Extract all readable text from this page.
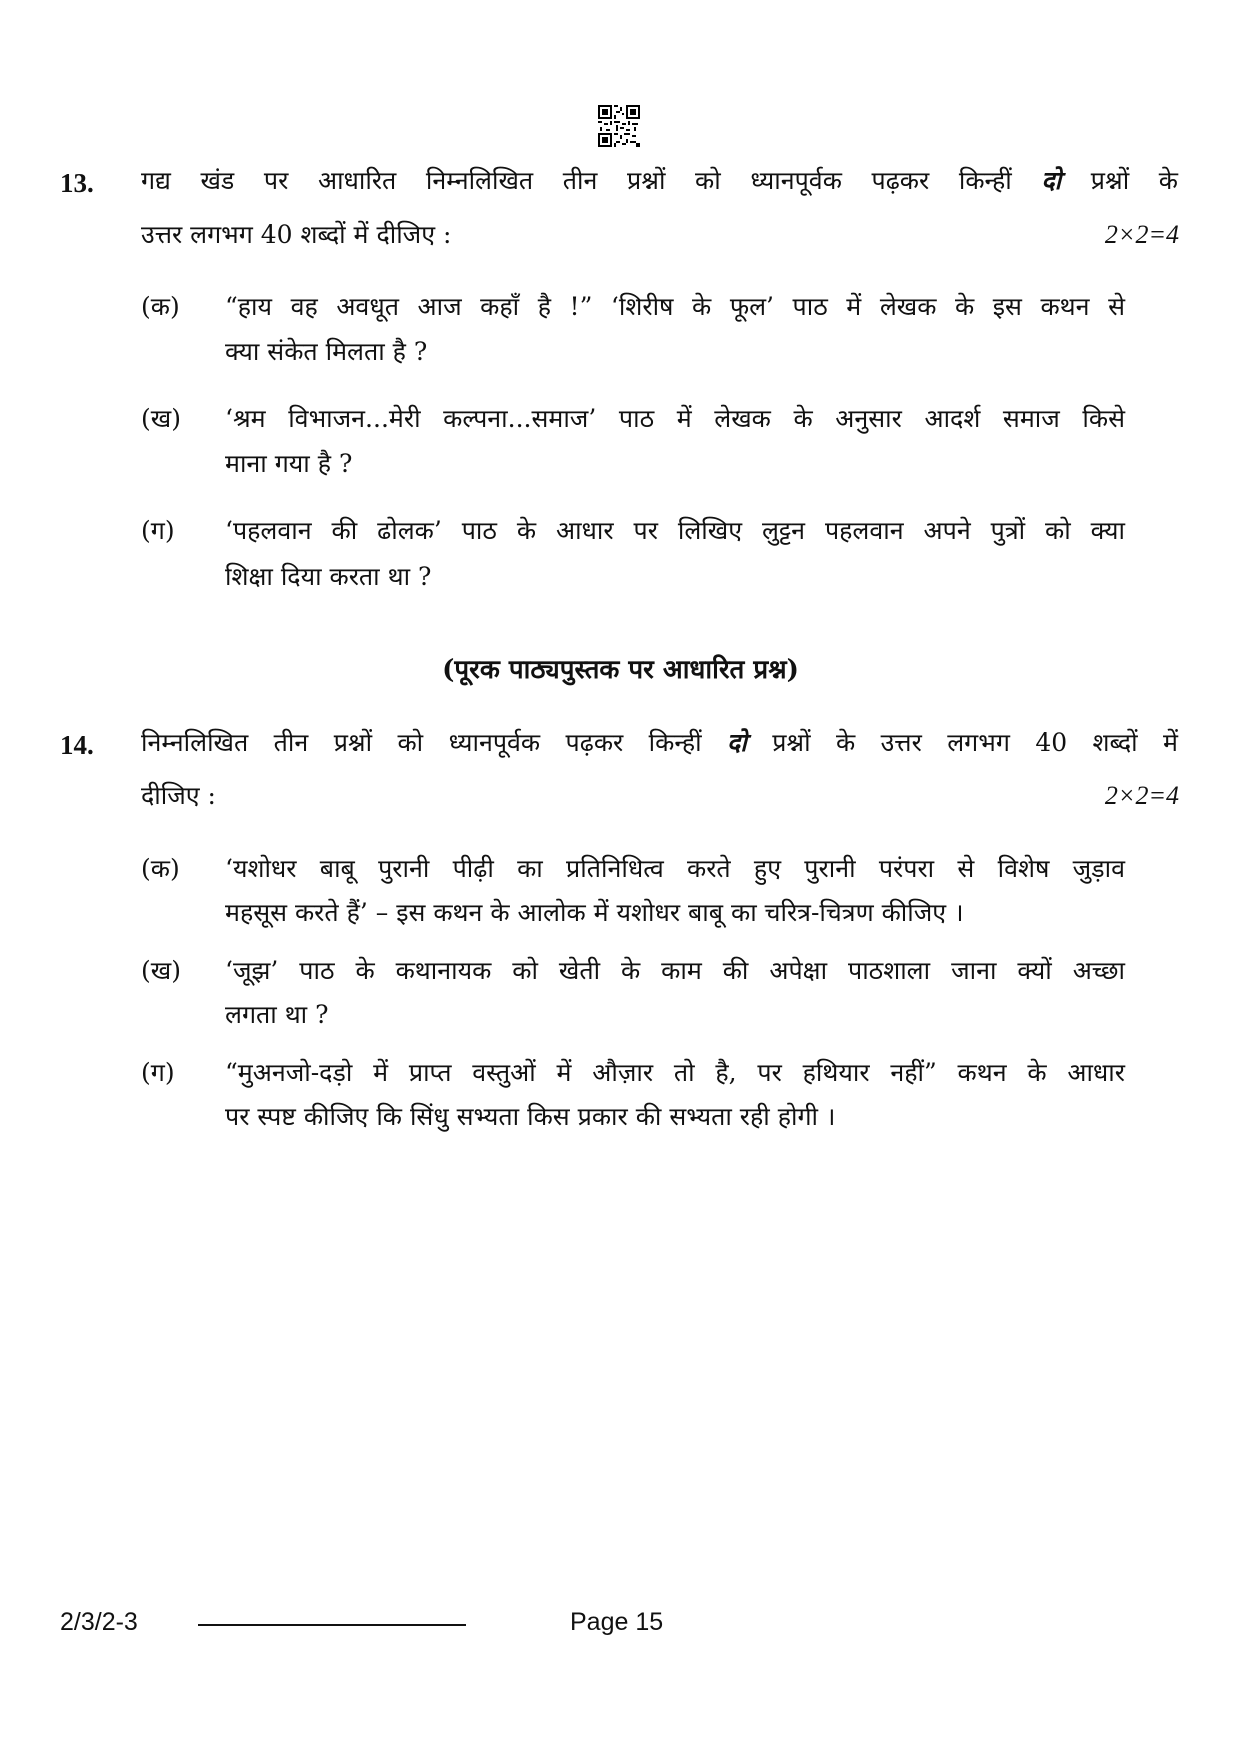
13. गद्य खंड पर आधारित निम्नलिखित तीन प्रश्नों को ध्यानपूर्वक पढ़कर किन्हीं दो प्रश्नों के
उत्तर लगभग 40 शब्दों में दीजिए :	2×2=4
(क) “हाय वह अवधूत आज कहाँ है !” ‘शिरीष के फूल’ पाठ में लेखक के इस कथन से
क्या संकेत मिलता है ?
(ख) ‘श्रम विभाजन...मेरी कल्पना...समाज’ पाठ में लेखक के अनुसार आदर्श समाज किसे
माना गया है ?
(ग) ‘पहलवान की ढोलक’ पाठ के आधार पर लिखिए लुट्टन पहलवान अपने पुत्रों को क्या
शिक्षा दिया करता था ?
(पूरक पाठ्यपुस्तक पर आधारित प्रश्न)
14. निम्नलिखित तीन प्रश्नों को ध्यानपूर्वक पढ़कर किन्हीं दो प्रश्नों के उत्तर लगभग 40 शब्दों में
दीजिए :	2×2=4
(क) ‘यशोधर बाबू पुरानी पीढ़ी का प्रतिनिधित्व करते हुए पुरानी परंपरा से विशेष जुड़ाव
महसूस करते हैं’ – इस कथन के आलोक में यशोधर बाबू का चरित्र-चित्रण कीजिए ।
(ख) ‘जूझ’ पाठ के कथानायक को खेती के काम की अपेक्षा पाठशाला जाना क्यों अच्छा
लगता था ?
(ग) “मुअनजो-दड़ो में प्राप्त वस्तुओं में औज़ार तो है, पर हथियार नहीं” कथन के आधार
पर स्पष्ट कीजिए कि सिंधु सभ्यता किस प्रकार की सभ्यता रही होगी ।
2/3/2-3	Page 15
